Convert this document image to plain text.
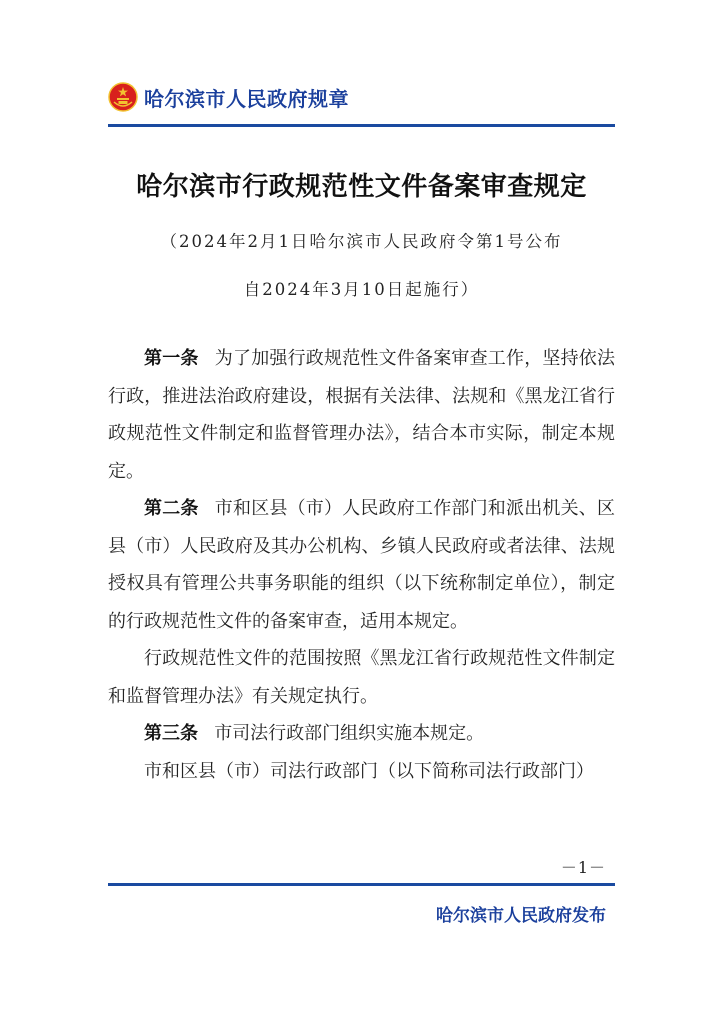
哈尔滨市人民政府规章
哈尔滨市行政规范性文件备案审查规定
（2024年2月1日哈尔滨市人民政府令第1号公布
自2024年3月10日起施行）

第一条 为了加强行政规范性文件备案审查工作，坚持依法行政，推进法治政府建设，根据有关法律、法规和《黑龙江省行政规范性文件制定和监督管理办法》，结合本市实际，制定本规定。

第二条 市和区县（市）人民政府工作部门和派出机关、区县（市）人民政府及其办公机构、乡镇人民政府或者法律、法规授权具有管理公共事务职能的组织（以下统称制定单位），制定的行政规范性文件的备案审查，适用本规定。

行政规范性文件的范围按照《黑龙江省行政规范性文件制定和监督管理办法》有关规定执行。

第三条 市司法行政部门组织实施本规定。

市和区县（市）司法行政部门（以下简称司法行政部门）

－1－
哈尔滨市人民政府发布
